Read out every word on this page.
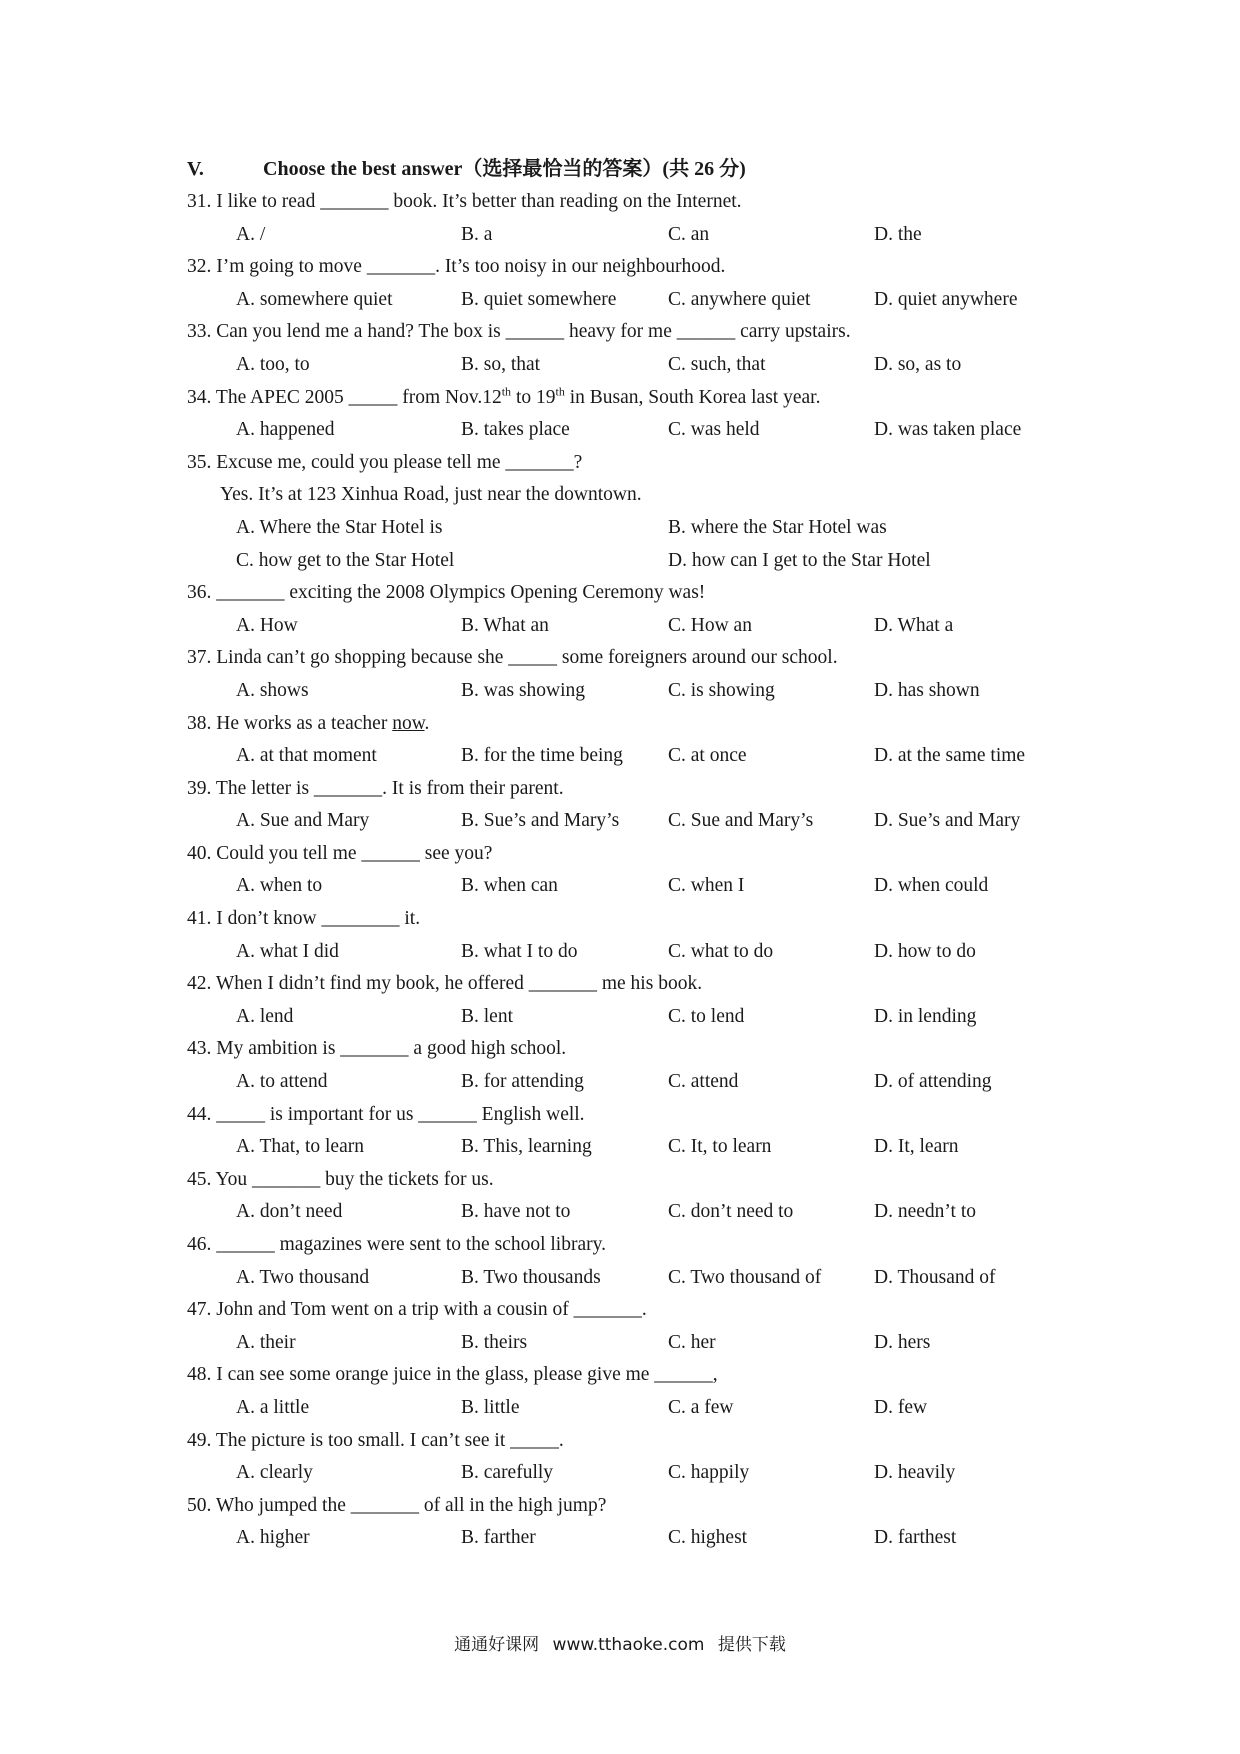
V.	Choose the best answer（选择最恰当的答案）(共 26 分)
31. I like to read _______ book. It’s better than reading on the Internet.
A. /	B. a	C. an	D. the
32. I’m going to move _______. It’s too noisy in our neighbourhood.
A. somewhere quiet	B. quiet somewhere	C. anywhere quiet	D. quiet anywhere
33. Can you lend me a hand? The box is ______ heavy for me ______ carry upstairs.
A. too, to	B. so, that	C. such, that	D. so, as to
34. The APEC 2005 _____ from Nov.12th to 19th in Busan, South Korea last year.
A. happened	B. takes place	C. was held	D. was taken place
35. Excuse me, could you please tell me _______?
Yes. It’s at 123 Xinhua Road, just near the downtown.
A. Where the Star Hotel is	B. where the Star Hotel was
C. how get to the Star Hotel	D. how can I get to the Star Hotel
36. _______ exciting the 2008 Olympics Opening Ceremony was!
A. How	B. What an	C. How an	D. What a
37. Linda can’t go shopping because she _____ some foreigners around our school.
A. shows	B. was showing	C. is showing	D. has shown
38. He works as a teacher now.
A. at that moment	B. for the time being C. at once	D. at the same time
39. The letter is _______. It is from their parent.
A. Sue and Mary	B. Sue’s and Mary’s	C. Sue and Mary’s	D. Sue’s and Mary
40. Could you tell me ______ see you?
A. when to	B. when can	C. when I	D. when could
41. I don’t know ________ it.
A. what I did	B. what I to do	C. what to do	D. how to do
42. When I didn’t find my book, he offered _______ me his book.
A. lend	B. lent	C. to lend	D. in lending
43. My ambition is _______ a good high school.
A. to attend	B. for attending	C. attend	D. of attending
44. _____ is important for us ______ English well.
A. That, to learn	B. This, learning	C. It, to learn	D. It, learn
45. You _______ buy the tickets for us.
A. don’t need	B. have not to	C. don’t need to	D. needn’t to
46. ______ magazines were sent to the school library.
A. Two thousand	B. Two thousands	C. Two thousand of	D. Thousand of
47. John and Tom went on a trip with a cousin of _______.
A. their	B. theirs	C. her	D. hers
48. I can see some orange juice in the glass, please give me ______,
A. a little	B. little	C. a few	D. few
49. The picture is too small. I can’t see it _____.
A. clearly	B. carefully	C. happily	D. heavily
50. Who jumped the _______ of all in the high jump?
A. higher	B. farther	C. highest	D. farthest
通通好课网 www.tthaoke.com 提供下载
